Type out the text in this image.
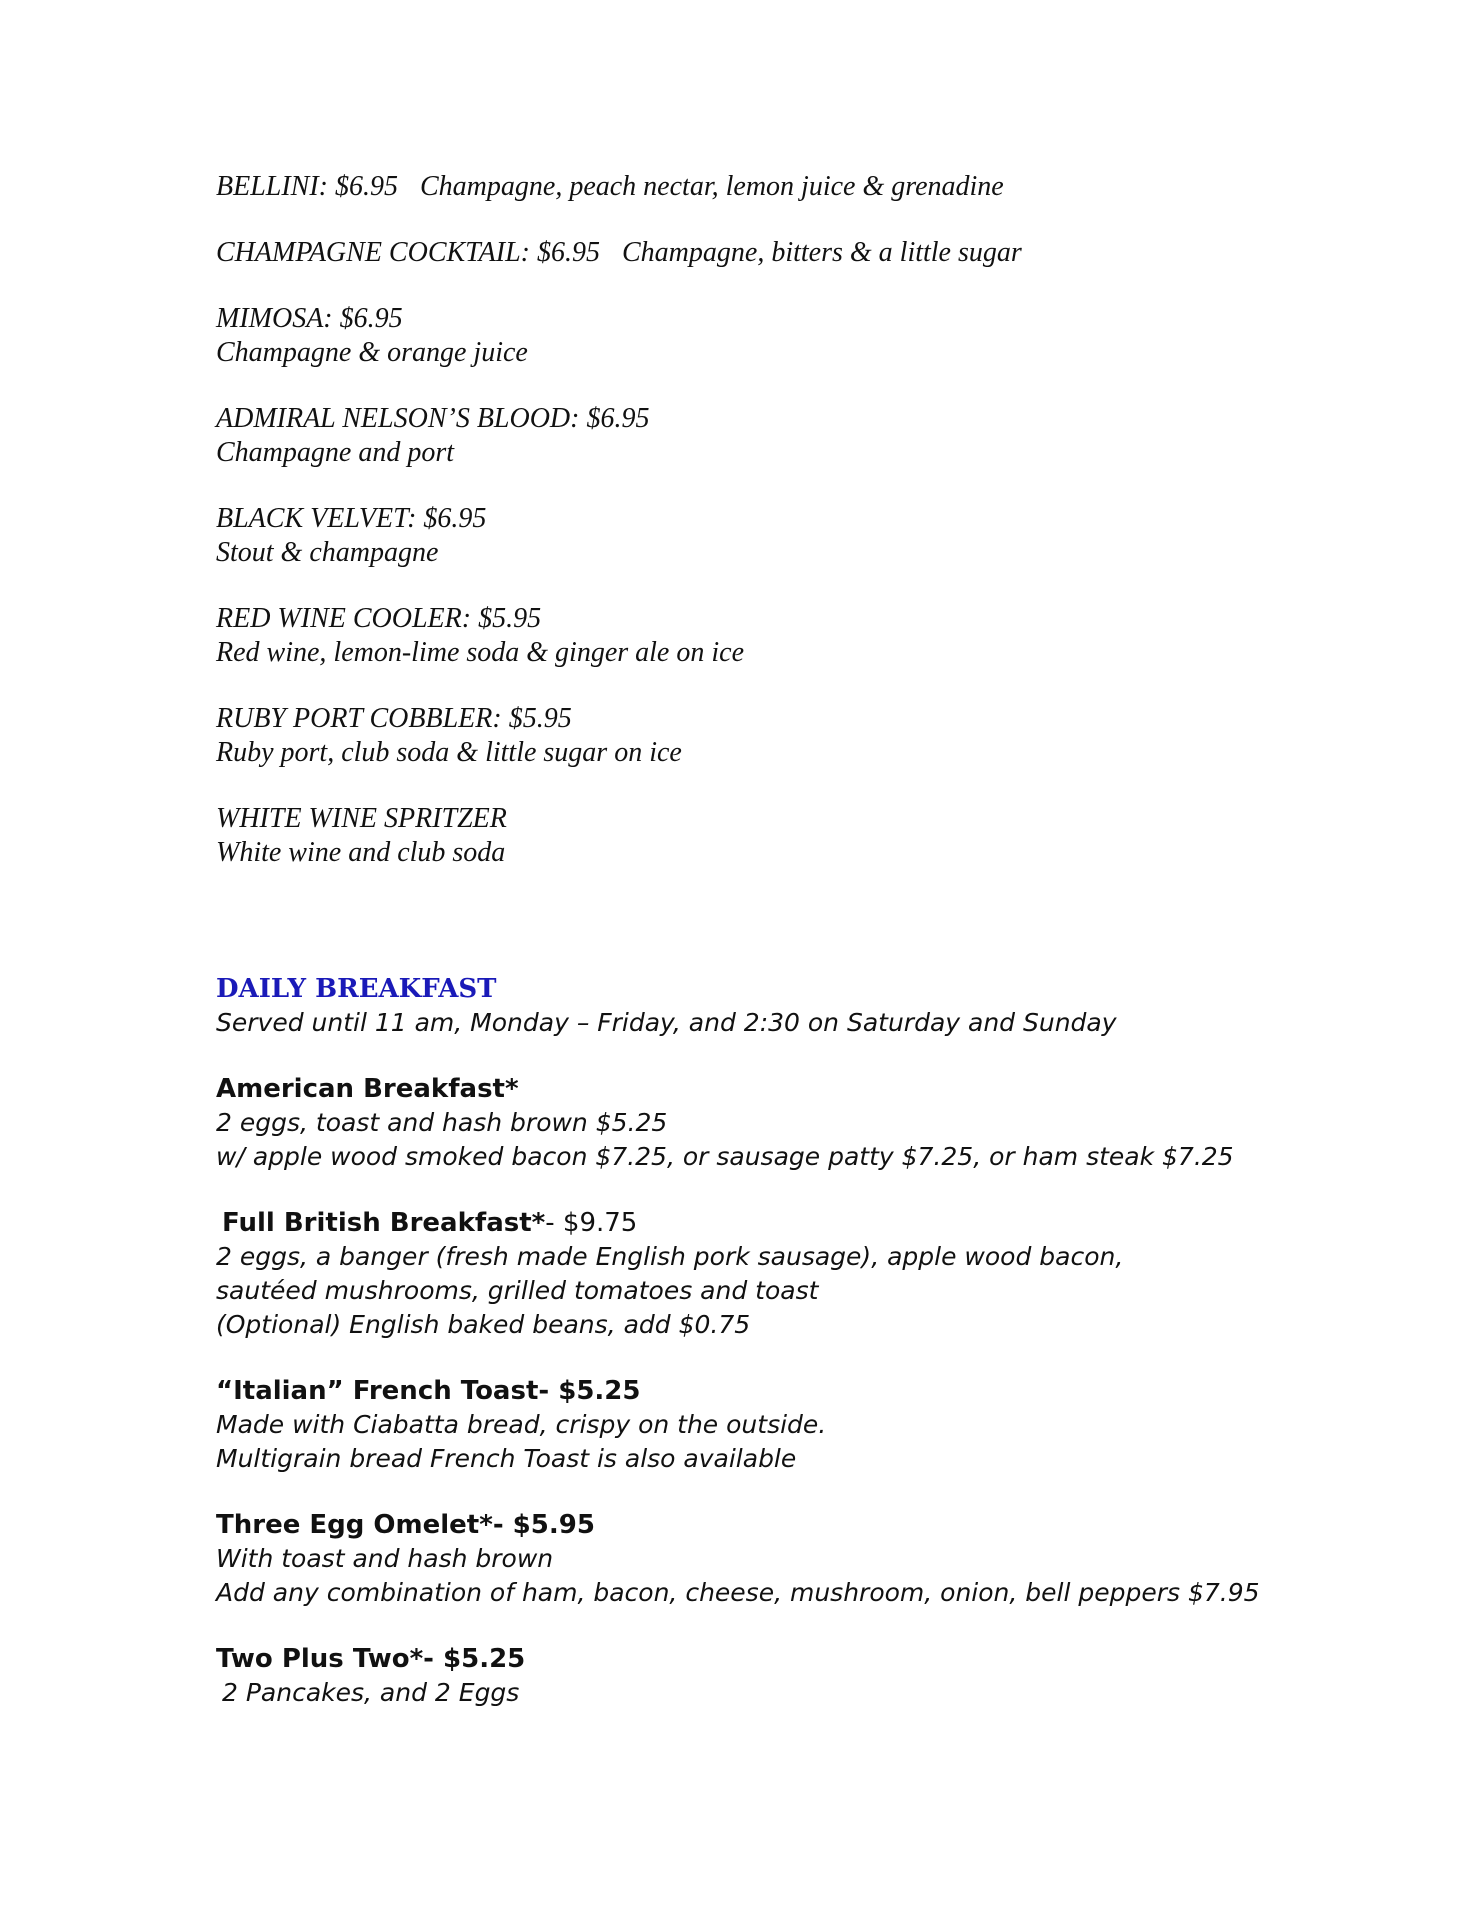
BELLINI: $6.95 Champagne, peach nectar, lemon juice & grenadine
CHAMPAGNE COCKTAIL: $6.95 Champagne, bitters & a little sugar
MIMOSA: $6.95
Champagne & orange juice
ADMIRAL NELSON’S BLOOD: $6.95
Champagne and port
BLACK VELVET: $6.95
Stout & champagne
RED WINE COOLER: $5.95
Red wine, lemon-lime soda & ginger ale on ice
RUBY PORT COBBLER: $5.95
Ruby port, club soda & little sugar on ice
WHITE WINE SPRITZER
White wine and club soda
DAILY BREAKFAST
Served until 11 am, Monday – Friday, and 2:30 on Saturday and Sunday
American Breakfast*
2 eggs, toast and hash brown $5.25
w/ apple wood smoked bacon $7.25, or sausage patty $7.25, or ham steak $7.25
Full British Breakfast*- $9.75
2 eggs, a banger (fresh made English pork sausage), apple wood bacon,
sautéed mushrooms, grilled tomatoes and toast
(Optional) English baked beans, add $0.75
“Italian” French Toast- $5.25
Made with Ciabatta bread, crispy on the outside.
Multigrain bread French Toast is also available
Three Egg Omelet*- $5.95
With toast and hash brown
Add any combination of ham, bacon, cheese, mushroom, onion, bell peppers $7.95
Two Plus Two*- $5.25
2 Pancakes, and 2 Eggs
